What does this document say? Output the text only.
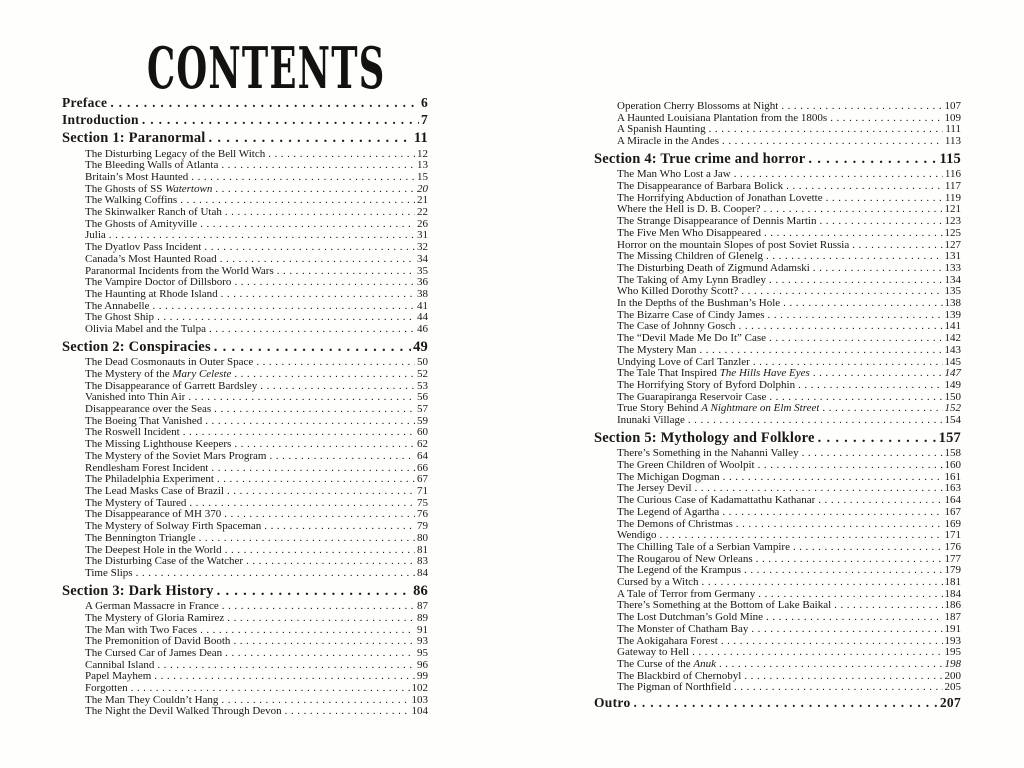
CONTENTS
Preface . . .	6
Introduction . . .	7
Section 1: Paranormal . . .	11
The Disturbing Legacy of the Bell Witch . . .	12
The Bleeding Walls of Atlanta . . .	13
Britain’s Most Haunted . . .	15
The Ghosts of SS Watertown . . .	20
The Walking Coffins . . .	21
The Skinwalker Ranch of Utah . . .	22
The Ghosts of Amityville . . .	26
Julia . . .	31
The Dyatlov Pass Incident . . .	32
Canada’s Most Haunted Road . . .	34
Paranormal Incidents from the World Wars . . .	35
The Vampire Doctor of Dillsboro . . .	36
The Haunting at Rhode Island . . .	38
The Annabelle . . .	41
The Ghost Ship . . .	44
Olivia Mabel and the Tulpa . . .	46
Section 2: Conspiracies . . .	49
The Dead Cosmonauts in Outer Space . . .	50
The Mystery of the Mary Celeste . . .	52
The Disappearance of Garrett Bardsley . . .	53
Vanished into Thin Air . . .	56
Disappearance over the Seas . . .	57
The Boeing That Vanished . . .	59
The Roswell Incident . . .	60
The Missing Lighthouse Keepers . . .	62
The Mystery of the Soviet Mars Program . . .	64
Rendlesham Forest Incident . . .	66
The Philadelphia Experiment . . .	67
The Lead Masks Case of Brazil . . .	71
The Mystery of Taured . . .	75
The Disappearance of MH 370 . . .	76
The Mystery of Solway Firth Spaceman . . .	79
The Bennington Triangle . . .	80
The Deepest Hole in the World . . .	81
The Disturbing Case of the Watcher . . .	83
Time Slips . . .	84
Section 3: Dark History . . .	86
A German Massacre in France . . .	87
The Mystery of Gloria Ramirez . . .	89
The Man with Two Faces . . .	91
The Premonition of David Booth . . .	93
The Cursed Car of James Dean . . .	95
Cannibal Island . . .	96
Papel Mayhem . . .	99
Forgotten . . .	102
The Man They Couldn’t Hang . . .	103
The Night the Devil Walked Through Devon . . .	104
Operation Cherry Blossoms at Night . . .	107
A Haunted Louisiana Plantation from the 1800s . . .	109
A Spanish Haunting . . .	111
A Miracle in the Andes . . .	113
Section 4: True crime and horror . . .	115
The Man Who Lost a Jaw . . .	116
The Disappearance of Barbara Bolick . . .	117
The Horrifying Abduction of Jonathan Lovette . . .	119
Where the Hell is D. B. Cooper? . . .	121
The Strange Disappearance of Dennis Martin . . .	123
The Five Men Who Disappeared . . .	125
Horror on the mountain Slopes of post Soviet Russia . . .	127
The Missing Children of Glenelg . . .	131
The Disturbing Death of Zigmund Adamski . . .	133
The Taking of Amy Lynn Bradley . . .	134
Who Killed Dorothy Scott? . . .	135
In the Depths of the Bushman’s Hole . . .	138
The Bizarre Case of Cindy James . . .	139
The Case of Johnny Gosch . . .	141
The “Devil Made Me Do It” Case . . .	142
The Mystery Man . . .	143
Undying Love of Carl Tanzler . . .	145
The Tale That Inspired The Hills Have Eyes . . .	147
The Horrifying Story of Byford Dolphin . . .	149
The Guarapiranga Reservoir Case . . .	150
True Story Behind A Nightmare on Elm Street . . .	152
Inunaki Village . . .	154
Section 5: Mythology and Folklore . . .	157
There’s Something in the Nahanni Valley . . .	158
The Green Children of Woolpit . . .	160
The Michigan Dogman . . .	161
The Jersey Devil . . .	163
The Curious Case of Kadamattathu Kathanar . . .	164
The Legend of Agartha . . .	167
The Demons of Christmas . . .	169
Wendigo . . .	171
The Chilling Tale of a Serbian Vampire . . .	176
The Rougarou of New Orleans . . .	177
The Legend of the Krampus . . .	179
Cursed by a Witch . . .	181
A Tale of Terror from Germany . . .	184
There’s Something at the Bottom of Lake Baikal . . .	186
The Lost Dutchman’s Gold Mine . . .	187
The Monster of Chatham Bay . . .	191
The Aokigahara Forest . . .	193
Gateway to Hell . . .	195
The Curse of the Anuk . . .	198
The Blackbird of Chernobyl . . .	200
The Pigman of Northfield . . .	205
Outro . . .	207
